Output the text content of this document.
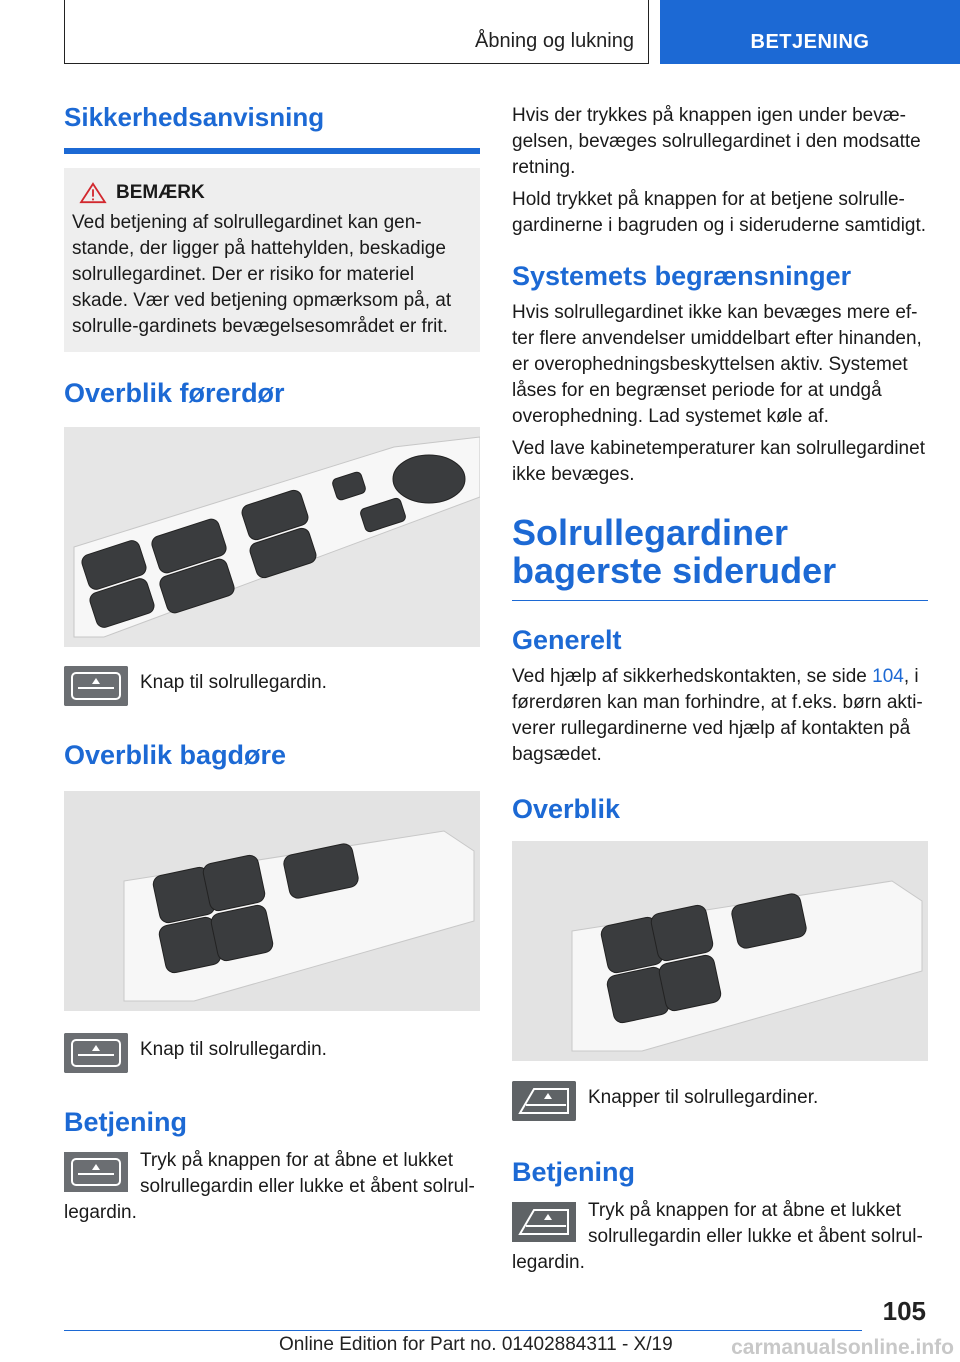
Åbning og lukning	BETJENING
Sikkerhedsanvisning

BEMÆRK

Ved betjening af solrullegardinet kan gen-stande, der ligger på hattehylden, beskadige solrullegardinet. Der er risiko for materiel skade. Vær ved betjening opmærksom på, at solrulle-gardinets bevægelsesområdet er frit.

Overblik førerdør

Knap til solrullegardin.

Overblik bagdøre

Knap til solrullegardin.

Betjening

Tryk på knappen for at åbne et lukket solrullegardin eller lukke et åbent solrul-legardin.

Hvis der trykkes på knappen igen under bevæ-gelsen, bevæges solrullegardinet i den modsatte retning.

Hold trykket på knappen for at betjene solrulle-gardinerne i bagruden og i sideruderne samtidigt.

Systemets begrænsninger

Hvis solrullegardinet ikke kan bevæges mere ef-ter flere anvendelser umiddelbart efter hinanden, er overophedningsbeskyttelsen aktiv. Systemet låses for en begrænset periode for at undgå overophedning. Lad systemet køle af.

Ved lave kabinetemperaturer kan solrullegardinet ikke bevæges.

Solrullegardiner bagerste sideruder
Generelt

Ved hjælp af sikkerhedskontakten, se side 104, i førerdøren kan man forhindre, at f.eks. børn akti-verer rullegardinerne ved hjælp af kontakten på bagsædet.

Overblik

Knapper til solrullegardiner.

Betjening

Tryk på knappen for at åbne et lukket solrullegardin eller lukke et åbent solrul-legardin.

105
Online Edition for Part no. 01402884311 - X/19	carmanualsonline.info
